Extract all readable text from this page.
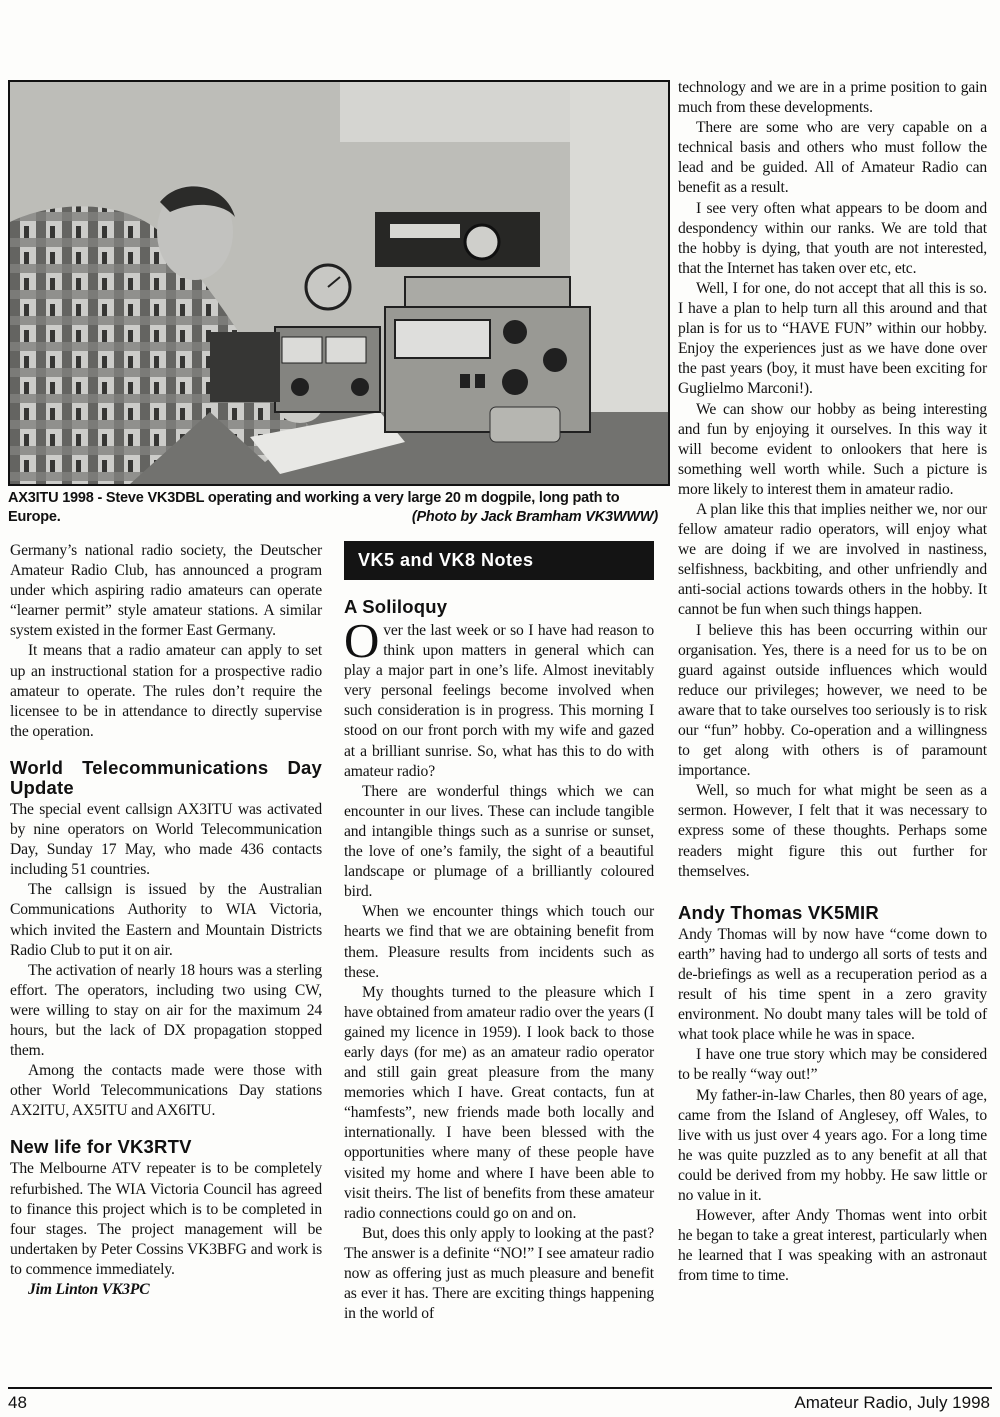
AX3ITU 1998 - Steve VK3DBL operating and working a very large 20 m dogpile, long path to Europe.	(Photo by Jack Bramham VK3WWW)

Germany’s national radio society, the Deutscher Amateur Radio Club, has announced a program under which aspiring radio amateurs can operate “learner permit” style amateur stations. A similar system existed in the former East Germany.

It means that a radio amateur can apply to set up an instructional station for a prospective radio amateur to operate. The rules don’t require the licensee to be in attendance to directly supervise the operation.

World Telecommunications Day Update

The special event callsign AX3ITU was activated by nine operators on World Telecommunication Day, Sunday 17 May, who made 436 contacts including 51 countries.

The callsign is issued by the Australian Communications Authority to WIA Victoria, which invited the Eastern and Mountain Districts Radio Club to put it on air.

The activation of nearly 18 hours was a sterling effort. The operators, including two using CW, were willing to stay on air for the maximum 24 hours, but the lack of DX propagation stopped them.

Among the contacts made were those with other World Telecommunications Day stations AX2ITU, AX5ITU and AX6ITU.

New life for VK3RTV

The Melbourne ATV repeater is to be completely refurbished. The WIA Victoria Council has agreed to finance this project which is to be completed in four stages. The project management will be undertaken by Peter Cossins VK3BFG and work is to commence immediately.

Jim Linton VK3PC

VK5 and VK8 Notes
A Soliloquy

Over the last week or so I have had reason to think upon matters in general which can play a major part in one’s life. Almost inevitably very personal feelings become involved when such consideration is in progress. This morning I stood on our front porch with my wife and gazed at a brilliant sunrise. So, what has this to do with amateur radio?

There are wonderful things which we can encounter in our lives. These can include tangible and intangible things such as a sunrise or sunset, the love of one’s family, the sight of a beautiful landscape or plumage of a brilliantly coloured bird.

When we encounter things which touch our hearts we find that we are obtaining benefit from them. Pleasure results from incidents such as these.

My thoughts turned to the pleasure which I have obtained from amateur radio over the years (I gained my licence in 1959). I look back to those early days (for me) as an amateur radio operator and still gain great pleasure from the many memories which I have. Great contacts, fun at “hamfests”, new friends made both locally and internationally. I have been blessed with the opportunities where many of these people have visited my home and where I have been able to visit theirs. The list of benefits from these amateur radio connections could go on and on.

But, does this only apply to looking at the past? The answer is a definite “NO!” I see amateur radio now as offering just as much pleasure and benefit as ever it has. There are exciting things happening in the world of

technology and we are in a prime position to gain much from these developments.

There are some who are very capable on a technical basis and others who must follow the lead and be guided. All of Amateur Radio can benefit as a result.

I see very often what appears to be doom and despondency within our ranks. We are told that the hobby is dying, that youth are not interested, that the Internet has taken over etc, etc.

Well, I for one, do not accept that all this is so. I have a plan to help turn all this around and that plan is for us to “HAVE FUN” within our hobby. Enjoy the experiences just as we have done over the past years (boy, it must have been exciting for Guglielmo Marconi!).

We can show our hobby as being interesting and fun by enjoying it ourselves. In this way it will become evident to onlookers that here is something well worth while. Such a picture is more likely to interest them in amateur radio.

A plan like this that implies neither we, nor our fellow amateur radio operators, will enjoy what we are doing if we are involved in nastiness, selfishness, backbiting, and other unfriendly and anti-social actions towards others in the hobby. It cannot be fun when such things happen.

I believe this has been occurring within our organisation. Yes, there is a need for us to be on guard against outside influences which would reduce our privileges; however, we need to be aware that to take ourselves too seriously is to risk our “fun” hobby. Co-operation and a willingness to get along with others is of paramount importance.

Well, so much for what might be seen as a sermon. However, I felt that it was necessary to express some of these thoughts. Perhaps some readers might figure this out further for themselves.

Andy Thomas VK5MIR

Andy Thomas will by now have “come down to earth” having had to undergo all sorts of tests and de-briefings as well as a recuperation period as a result of his time spent in a zero gravity environment. No doubt many tales will be told of what took place while he was in space.

I have one true story which may be considered to be really “way out!”

My father-in-law Charles, then 80 years of age, came from the Island of Anglesey, off Wales, to live with us just over 4 years ago. For a long time he was quite puzzled as to any benefit at all that could be derived from my hobby. He saw little or no value in it.

However, after Andy Thomas went into orbit he began to take a great interest, particularly when he learned that I was speaking with an astronaut from time to time.

48	Amateur Radio, July 1998
